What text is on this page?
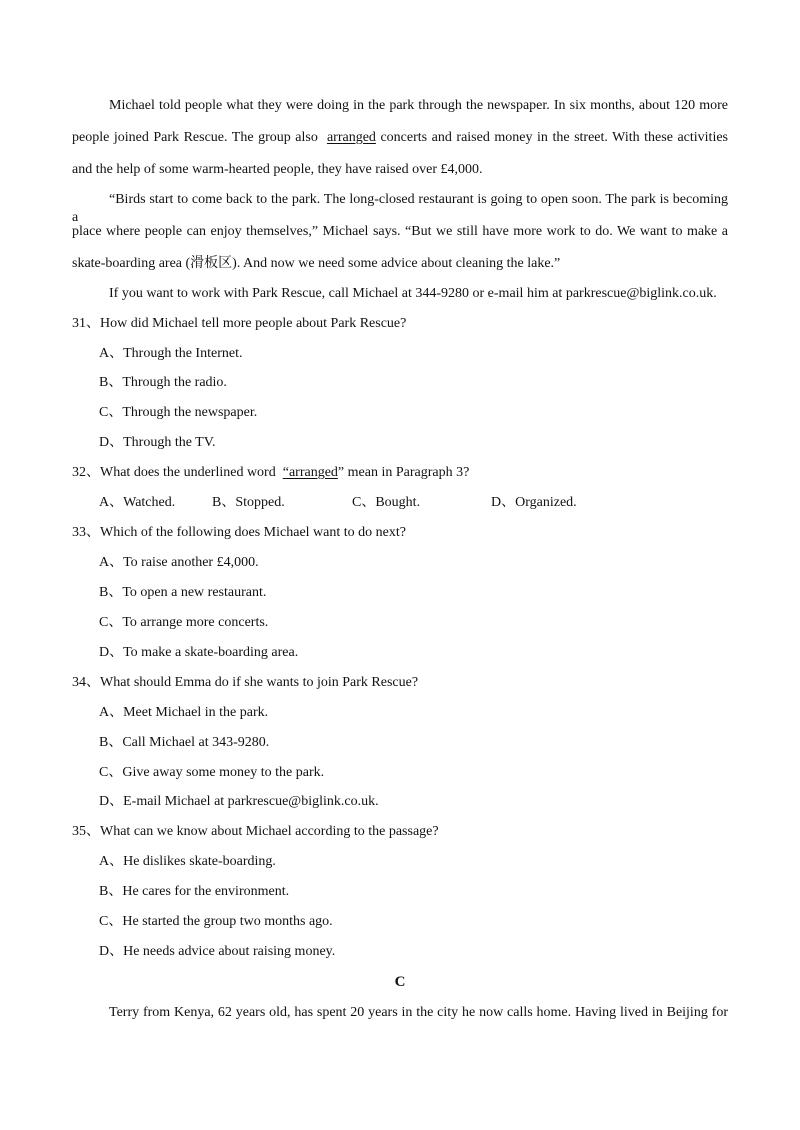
Michael told people what they were doing in the park through the newspaper. In six months, about 120 more
people joined Park Rescue. The group also arranged concerts and raised money in the street. With these activities
and the help of some warm-hearted people, they have raised over £4,000.
“Birds start to come back to the park. The long-closed restaurant is going to open soon. The park is becoming a
place where people can enjoy themselves,” Michael says. “But we still have more work to do. We want to make a
skate-boarding area (滑板区). And now we need some advice about cleaning the lake.”
If you want to work with Park Rescue, call Michael at 344-9280 or e-mail him at parkrescue@biglink.co.uk.
31、How did Michael tell more people about Park Rescue?
A、Through the Internet.
B、Through the radio.
C、Through the newspaper.
D、Through the TV.
32、What does the underlined word “arranged” mean in Paragraph 3?
A、Watched.	B、Stopped.	C、Bought.	D、Organized.
33、Which of the following does Michael want to do next?
A、To raise another £4,000.
B、To open a new restaurant.
C、To arrange more concerts.
D、To make a skate-boarding area.
34、What should Emma do if she wants to join Park Rescue?
A、Meet Michael in the park.
B、Call Michael at 343-9280.
C、Give away some money to the park.
D、E-mail Michael at parkrescue@biglink.co.uk.
35、What can we know about Michael according to the passage?
A、He dislikes skate-boarding.
B、He cares for the environment.
C、He started the group two months ago.
D、He needs advice about raising money.
C
Terry from Kenya, 62 years old, has spent 20 years in the city he now calls home. Having lived in Beijing for
